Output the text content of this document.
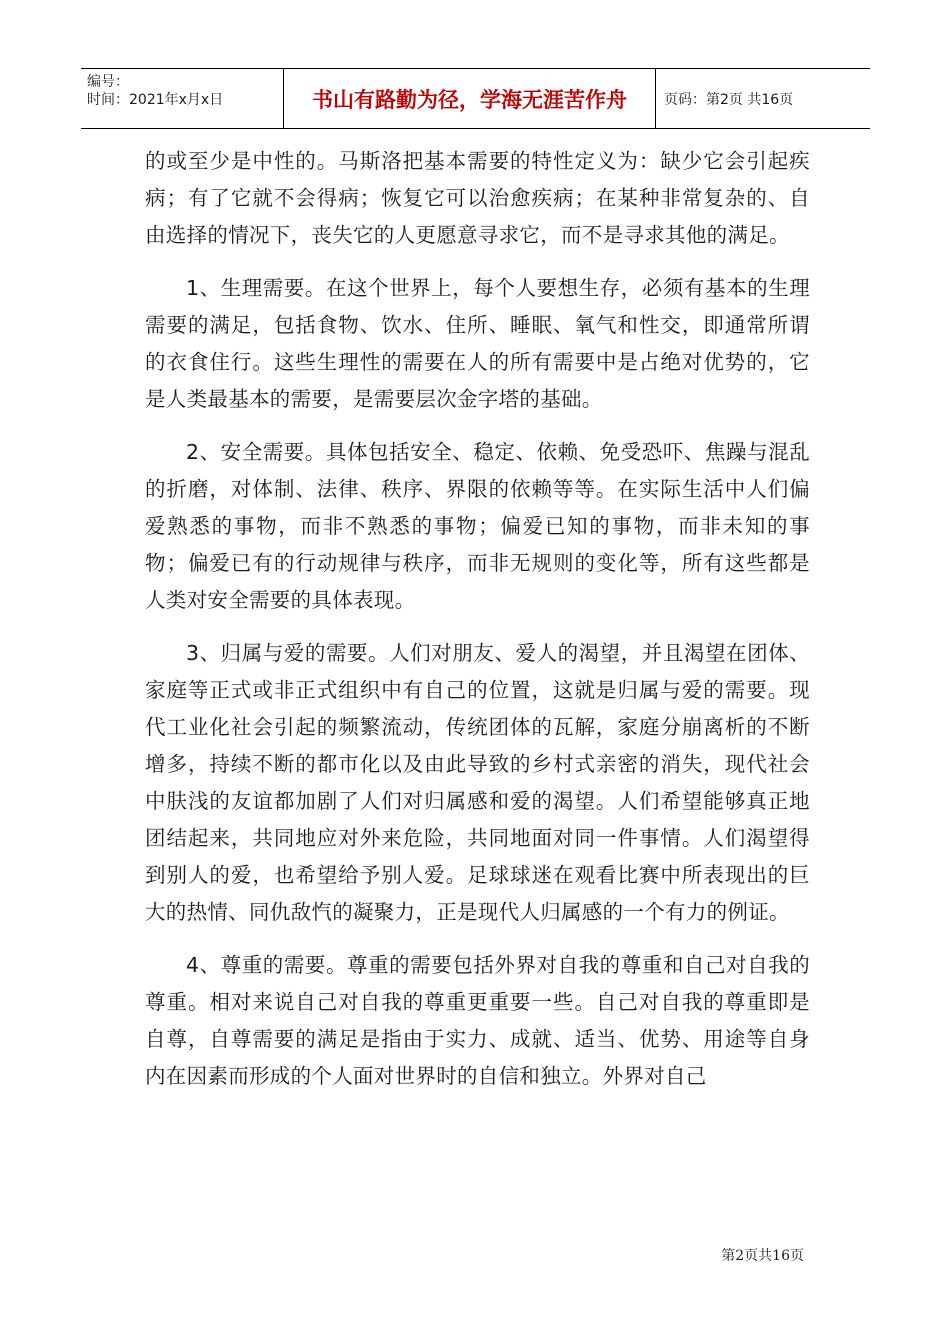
编号：
时间：2021年x月x日	书山有路勤为径，学海无涯苦作舟	页码：第2页 共16页

的或至少是中性的。马斯洛把基本需要的特性定义为：缺少它会引起疾病；有了它就不会得病；恢复它可以治愈疾病；在某种非常复杂的、自由选择的情况下，丧失它的人更愿意寻求它，而不是寻求其他的满足。

1、生理需要。在这个世界上，每个人要想生存，必须有基本的生理需要的满足，包括食物、饮水、住所、睡眠、氧气和性交，即通常所谓的衣食住行。这些生理性的需要在人的所有需要中是占绝对优势的，它是人类最基本的需要，是需要层次金字塔的基础。

2、安全需要。具体包括安全、稳定、依赖、免受恐吓、焦躁与混乱的折磨，对体制、法律、秩序、界限的依赖等等。在实际生活中人们偏爱熟悉的事物，而非不熟悉的事物；偏爱已知的事物，而非未知的事物；偏爱已有的行动规律与秩序，而非无规则的变化等，所有这些都是人类对安全需要的具体表现。

3、归属与爱的需要。人们对朋友、爱人的渴望，并且渴望在团体、家庭等正式或非正式组织中有自己的位置，这就是归属与爱的需要。现代工业化社会引起的频繁流动，传统团体的瓦解，家庭分崩离析的不断增多，持续不断的都市化以及由此导致的乡村式亲密的消失，现代社会中肤浅的友谊都加剧了人们对归属感和爱的渴望。人们希望能够真正地团结起来，共同地应对外来危险，共同地面对同一件事情。人们渴望得到别人的爱，也希望给予别人爱。足球球迷在观看比赛中所表现出的巨大的热情、同仇敌忾的凝聚力，正是现代人归属感的一个有力的例证。

4、尊重的需要。尊重的需要包括外界对自我的尊重和自己对自我的尊重。相对来说自己对自我的尊重更重要一些。自己对自我的尊重即是自尊，自尊需要的满足是指由于实力、成就、适当、优势、用途等自身内在因素而形成的个人面对世界时的自信和独立。外界对自己

第2页共16页
